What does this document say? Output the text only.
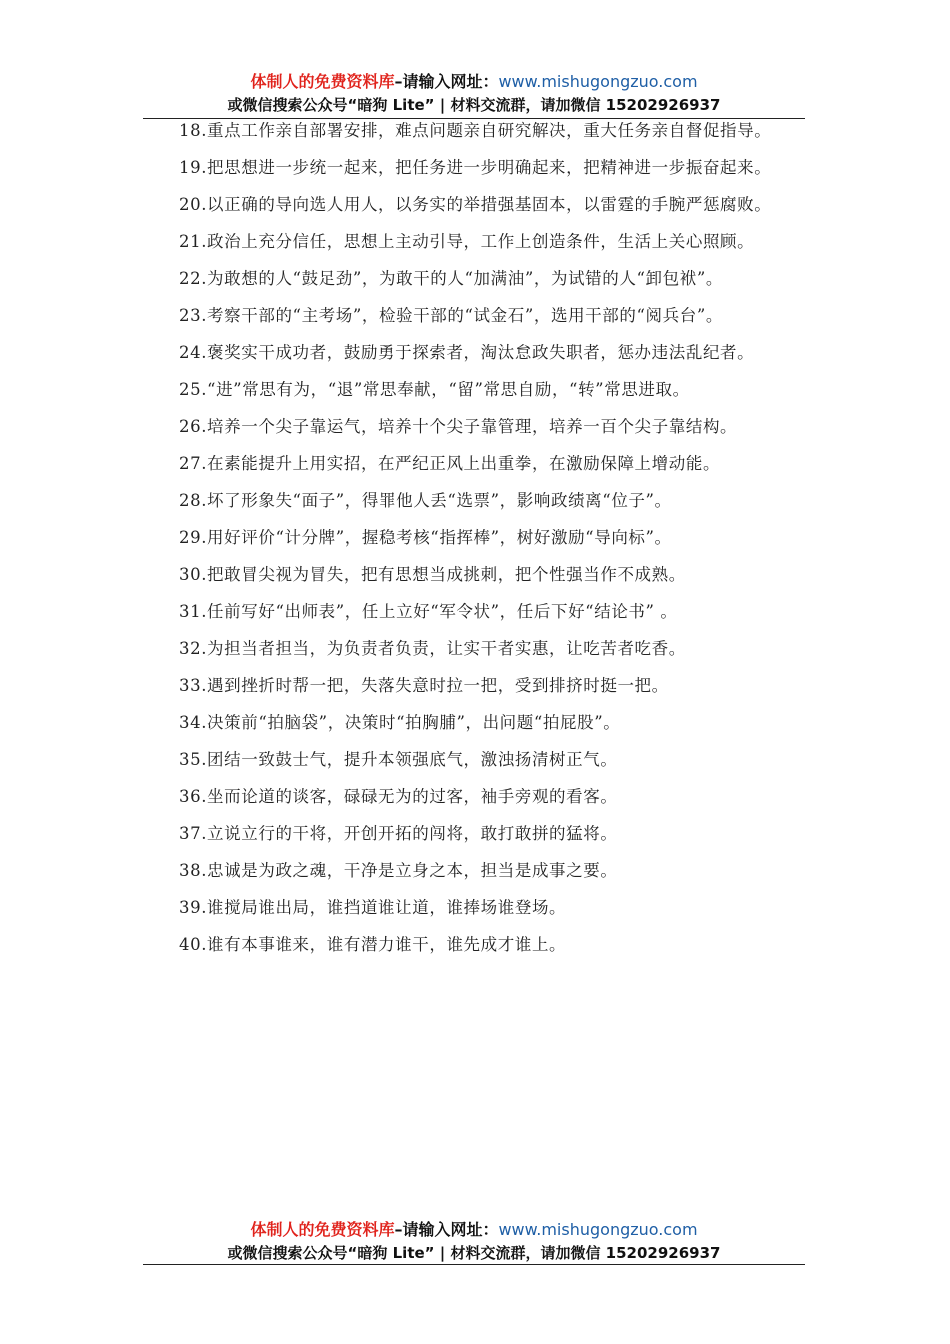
体制人的免费资料库–请输入网址：www.mishugongzuo.com
或微信搜索公众号“暗狗 Lite” | 材料交流群，请加微信 15202926937

18.重点工作亲自部署安排，难点问题亲自研究解决，重大任务亲自督促指导。

19.把思想进一步统一起来，把任务进一步明确起来，把精神进一步振奋起来。

20.以正确的导向选人用人，以务实的举措强基固本，以雷霆的手腕严惩腐败。

21.政治上充分信任，思想上主动引导，工作上创造条件，生活上关心照顾。

22.为敢想的人“鼓足劲”，为敢干的人“加满油”，为试错的人“卸包袱”。

23.考察干部的“主考场”，检验干部的“试金石”，选用干部的“阅兵台”。

24.褒奖实干成功者，鼓励勇于探索者，淘汰怠政失职者，惩办违法乱纪者。

25.“进”常思有为，“退”常思奉献，“留”常思自励，“转”常思进取。

26.培养一个尖子靠运气，培养十个尖子靠管理，培养一百个尖子靠结构。

27.在素能提升上用实招，在严纪正风上出重拳，在激励保障上增动能。

28.坏了形象失“面子”，得罪他人丢“选票”，影响政绩离“位子”。

29.用好评价“计分牌”，握稳考核“指挥棒”，树好激励“导向标”。

30.把敢冒尖视为冒失，把有思想当成挑刺，把个性强当作不成熟。

31.任前写好“出师表”，任上立好“军令状”，任后下好“结论书” 。

32.为担当者担当，为负责者负责，让实干者实惠，让吃苦者吃香。

33.遇到挫折时帮一把，失落失意时拉一把，受到排挤时挺一把。

34.决策前“拍脑袋”，决策时“拍胸脯”，出问题“拍屁股”。

35.团结一致鼓士气，提升本领强底气，激浊扬清树正气。

36.坐而论道的谈客，碌碌无为的过客，袖手旁观的看客。

37.立说立行的干将，开创开拓的闯将，敢打敢拼的猛将。

38.忠诚是为政之魂，干净是立身之本，担当是成事之要。

39.谁搅局谁出局，谁挡道谁让道，谁捧场谁登场。

40.谁有本事谁来，谁有潜力谁干，谁先成才谁上。

体制人的免费资料库–请输入网址：www.mishugongzuo.com
或微信搜索公众号“暗狗 Lite” | 材料交流群，请加微信 15202926937
